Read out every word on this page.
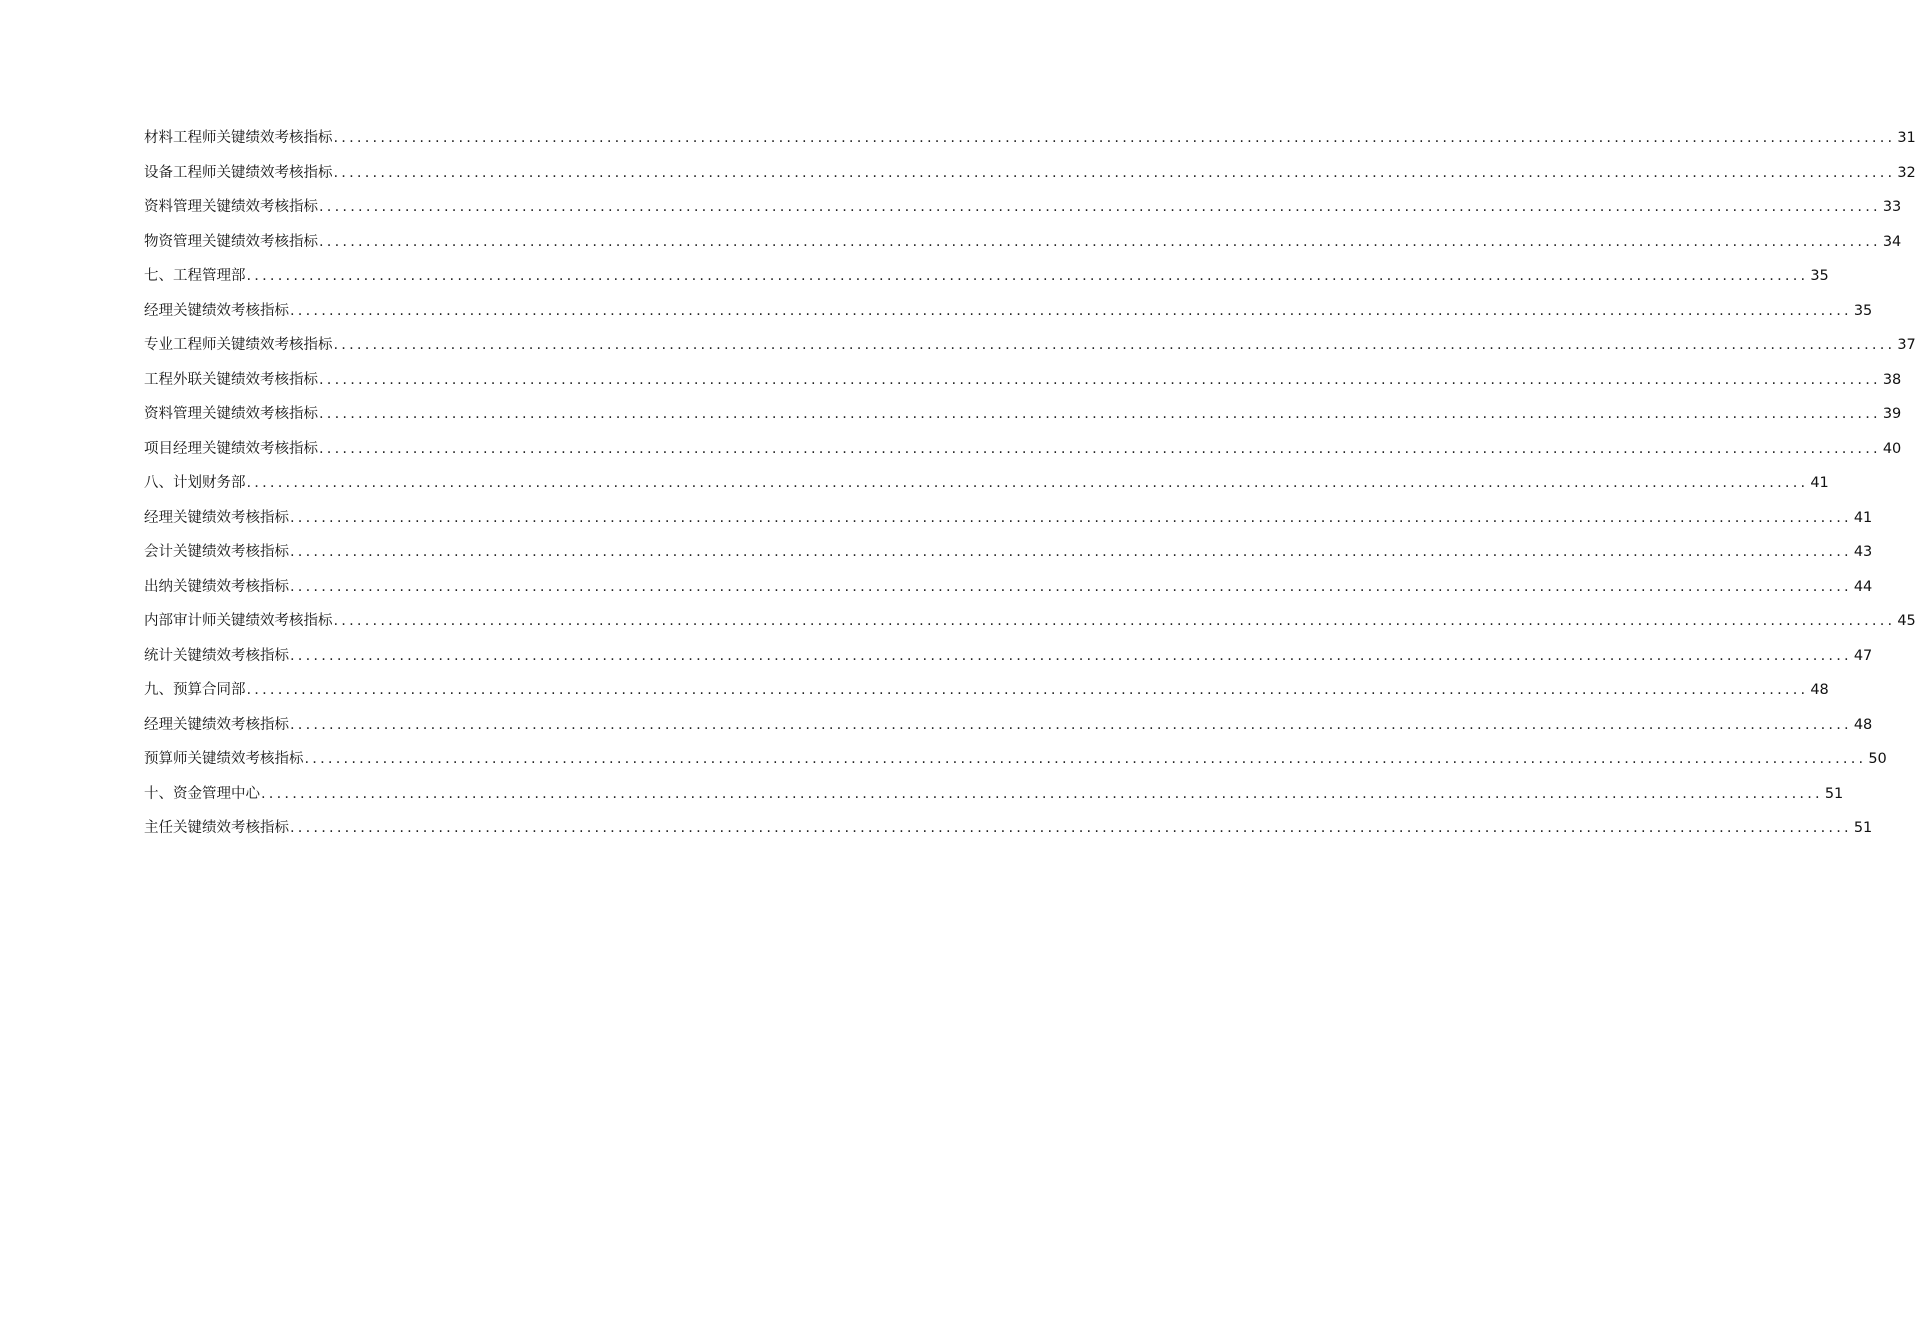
材料工程师关键绩效考核指标 ........................................................................................................................................................................................................ 31
设备工程师关键绩效考核指标 ........................................................................................................................................................................................................ 32
资料管理关键绩效考核指标 ........................................................................................................................................................................................................ 33
物资管理关键绩效考核指标 ........................................................................................................................................................................................................ 34
七、工程管理部 ........................................................................................................................................................................................................ 35
经理关键绩效考核指标 ........................................................................................................................................................................................................ 35
专业工程师关键绩效考核指标 ........................................................................................................................................................................................................ 37
工程外联关键绩效考核指标 ........................................................................................................................................................................................................ 38
资料管理关键绩效考核指标 ........................................................................................................................................................................................................ 39
项目经理关键绩效考核指标 ........................................................................................................................................................................................................ 40
八、计划财务部 ........................................................................................................................................................................................................ 41
经理关键绩效考核指标 ........................................................................................................................................................................................................ 41
会计关键绩效考核指标 ........................................................................................................................................................................................................ 43
出纳关键绩效考核指标 ........................................................................................................................................................................................................ 44
内部审计师关键绩效考核指标 ........................................................................................................................................................................................................ 45
统计关键绩效考核指标 ........................................................................................................................................................................................................ 47
九、预算合同部 ........................................................................................................................................................................................................ 48
经理关键绩效考核指标 ........................................................................................................................................................................................................ 48
预算师关键绩效考核指标 ........................................................................................................................................................................................................ 50
十、资金管理中心 ........................................................................................................................................................................................................ 51
主任关键绩效考核指标 ........................................................................................................................................................................................................ 51
